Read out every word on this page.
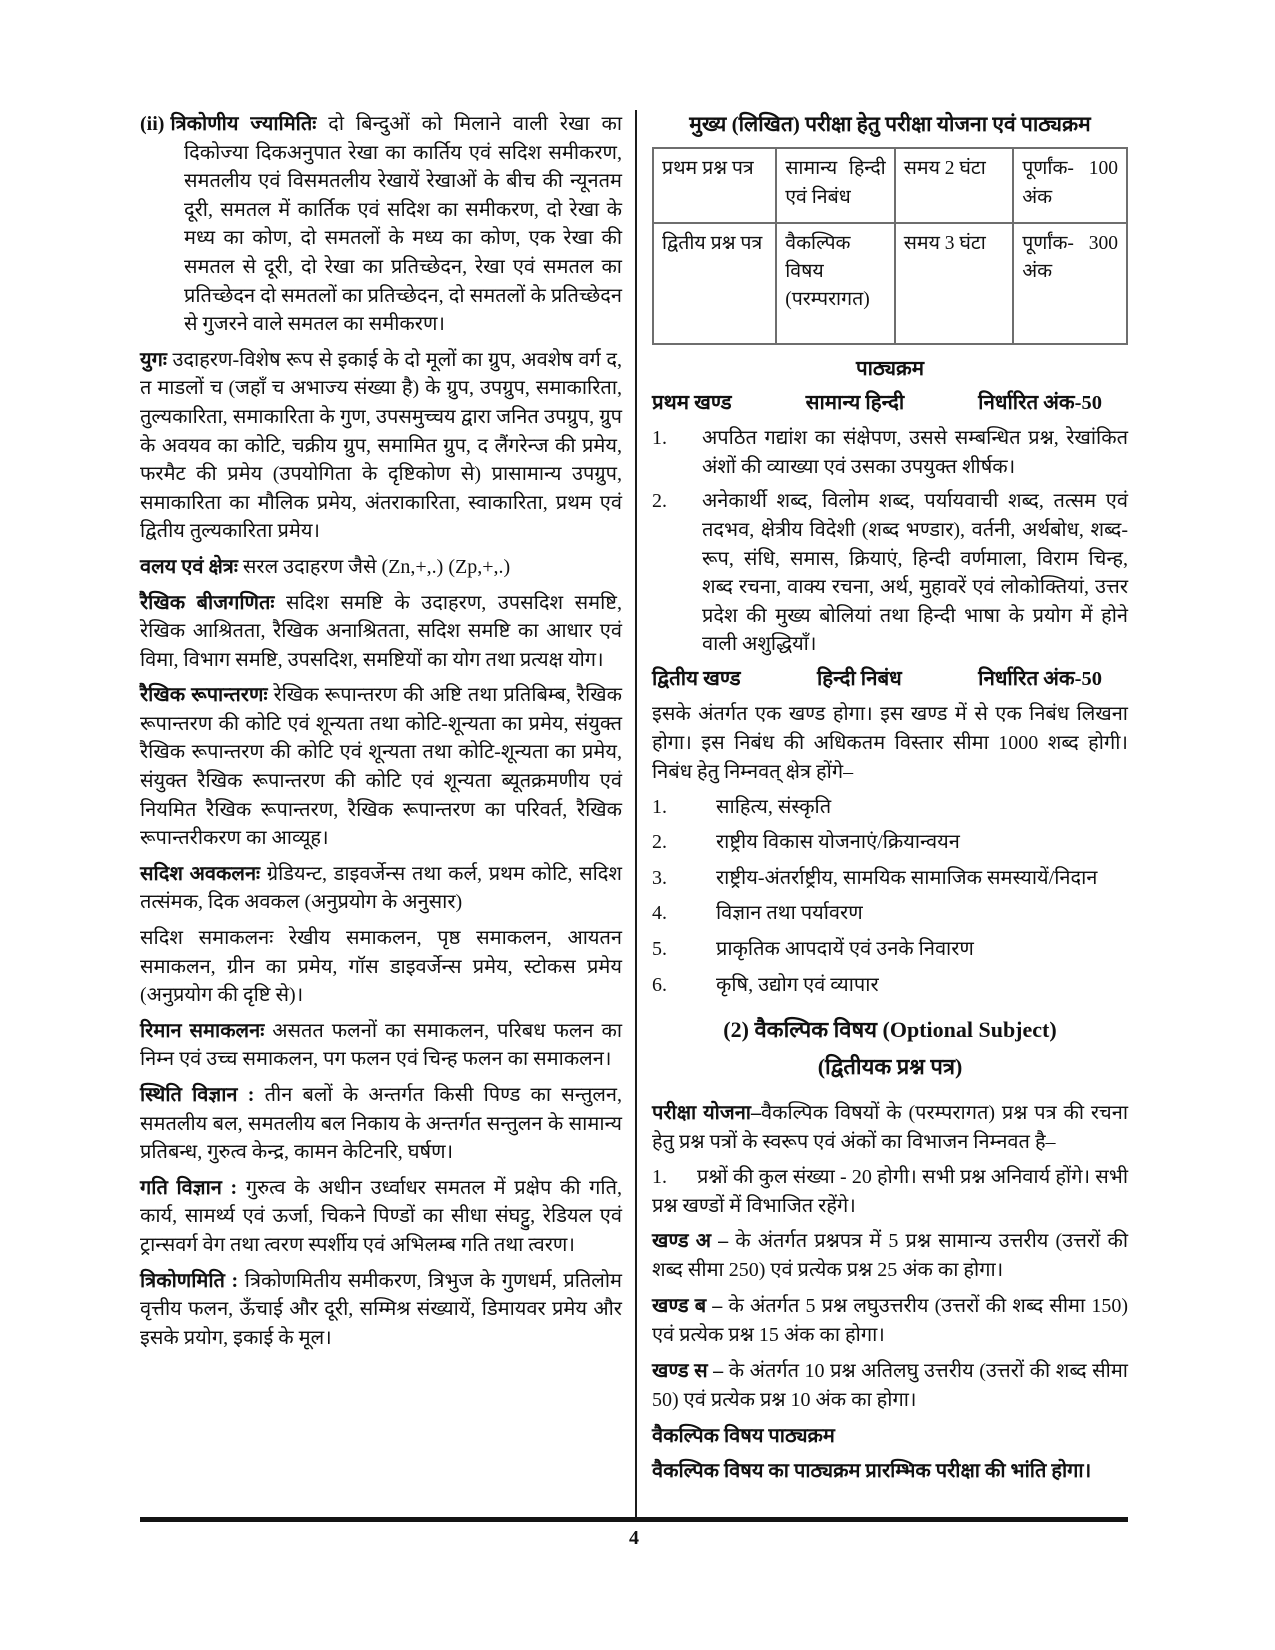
(ii) त्रिकोणीय ज्यामितिः दो बिन्दुओं को मिलाने वाली रेखा का दिकोज्या दिकअनुपात रेखा का कार्तिय एवं सदिश समीकरण, समतलीय एवं विसमतलीय रेखायें रेखाओं के बीच की न्यूनतम दूरी, समतल में कार्तिक एवं सदिश का समीकरण, दो रेखा के मध्य का कोण, दो समतलों के मध्य का कोण, एक रेखा की समतल से दूरी, दो रेखा का प्रतिच्छेदन, रेखा एवं समतल का प्रतिच्छेदन दो समतलों का प्रतिच्छेदन, दो समतलों के प्रतिच्छेदन से गुजरने वाले समतल का समीकरण।

युगः उदाहरण-विशेष रूप से इकाई के दो मूलों का ग्रुप, अवशेष वर्ग द, त माडलों च (जहाँ च अभाज्य संख्या है) के ग्रुप, उपग्रुप, समाकारिता, तुल्यकारिता, समाकारिता के गुण, उपसमुच्चय द्वारा जनित उपग्रुप, ग्रुप के अवयव का कोटि, चक्रीय ग्रुप, समामित ग्रुप, द लैंगरेन्ज की प्रमेय, फरमैट की प्रमेय (उपयोगिता के दृष्टिकोण से) प्रासामान्य उपग्रुप, समाकारिता का मौलिक प्रमेय, अंतराकारिता, स्वाकारिता, प्रथम एवं द्वितीय तुल्यकारिता प्रमेय।

वलय एवं क्षेत्रः सरल उदाहरण जैसे (Zn,+,.) (Zp,+,.)

रैखिक बीजगणितः सदिश समष्टि के उदाहरण, उपसदिश समष्टि, रेखिक आश्रितता, रैखिक अनाश्रितता, सदिश समष्टि का आधार एवं विमा, विभाग समष्टि, उपसदिश, समष्टियों का योग तथा प्रत्यक्ष योग।

रैखिक रूपान्तरणः रेखिक रूपान्तरण की अष्टि तथा प्रतिबिम्ब, रैखिक रूपान्तरण की कोटि एवं शून्यता तथा कोटि-शून्यता का प्रमेय, संयुक्त रैखिक रूपान्तरण की कोटि एवं शून्यता तथा कोटि-शून्यता का प्रमेय, संयुक्त रैखिक रूपान्तरण की कोटि एवं शून्यता ब्यूतक्रमणीय एवं नियमित रैखिक रूपान्तरण, रैखिक रूपान्तरण का परिवर्त, रैखिक रूपान्तरीकरण का आव्यूह।

सदिश अवकलनः ग्रेडियन्ट, डाइवर्जेन्स तथा कर्ल, प्रथम कोटि, सदिश तत्संमक, दिक अवकल (अनुप्रयोग के अनुसार)

सदिश समाकलनः रेखीय समाकलन, पृष्ठ समाकलन, आयतन समाकलन, ग्रीन का प्रमेय, गॉस डाइवर्जेन्स प्रमेय, स्टोकस प्रमेय (अनुप्रयोग की दृष्टि से)।

रिमान समाकलनः असतत फलनों का समाकलन, परिबध फलन का निम्न एवं उच्च समाकलन, पग फलन एवं चिन्ह फलन का समाकलन।

स्थिति विज्ञान : तीन बलों के अन्तर्गत किसी पिण्ड का सन्तुलन, समतलीय बल, समतलीय बल निकाय के अन्तर्गत सन्तुलन के सामान्य प्रतिबन्ध, गुरुत्व केन्द्र, कामन केटिनरि, घर्षण।

गति विज्ञान : गुरुत्व के अधीन उर्ध्वाधर समतल में प्रक्षेप की गति, कार्य, सामर्थ्य एवं ऊर्जा, चिकने पिण्डों का सीधा संघट्टु, रेडियल एवं ट्रान्सवर्ग वेग तथा त्वरण स्पर्शीय एवं अभिलम्ब गति तथा त्वरण।

त्रिकोणमिति : त्रिकोणमितीय समीकरण, त्रिभुज के गुणधर्म, प्रतिलोम वृत्तीय फलन, ऊँचाई और दूरी, सम्मिश्र संख्यायें, डिमायवर प्रमेय और इसके प्रयोग, इकाई के मूल।

मुख्य (लिखित) परीक्षा हेतु परीक्षा योजना एवं पाठ्यक्रम
प्रथम प्रश्न पत्र	सामान्य हिन्दी एवं निबंध	समय 2 घंटा	पूर्णांक- 100 अंक
द्वितीय प्रश्न पत्र	वैकल्पिक विषय (परम्परागत)	समय 3 घंटा	पूर्णांक- 300 अंक
पाठ्यक्रम
प्रथम खण्ड	सामान्य हिन्दी	निर्धारित अंक-50
1.	अपठित गद्यांश का संक्षेपण, उससे सम्बन्धित प्रश्न, रेखांकित अंशों की व्याख्या एवं उसका उपयुक्त शीर्षक।
2.	अनेकार्थी शब्द, विलोम शब्द, पर्यायवाची शब्द, तत्सम एवं तदभव, क्षेत्रीय विदेशी (शब्द भण्डार), वर्तनी, अर्थबोध, शब्द-रूप, संधि, समास, क्रियाएं, हिन्दी वर्णमाला, विराम चिन्ह, शब्द रचना, वाक्य रचना, अर्थ, मुहावरें एवं लोकोक्तियां, उत्तर प्रदेश की मुख्य बोलियां तथा हिन्दी भाषा के प्रयोग में होने वाली अशुद्धियाँ।
द्वितीय खण्ड	हिन्दी निबंध	निर्धारित अंक-50

इसके अंतर्गत एक खण्ड होगा। इस खण्ड में से एक निबंध लिखना होगा। इस निबंध की अधिकतम विस्तार सीमा 1000 शब्द होगी। निबंध हेतु निम्नवत् क्षेत्र होंगे–

1.	साहित्य, संस्कृति
2.	राष्ट्रीय विकास योजनाएं/क्रियान्वयन
3.	राष्ट्रीय-अंतर्राष्ट्रीय, सामयिक सामाजिक समस्यायें/निदान
4.	विज्ञान तथा पर्यावरण
5.	प्राकृतिक आपदायें एवं उनके निवारण
6.	कृषि, उद्योग एवं व्यापार
(2) वैकल्पिक विषय (Optional Subject)
(द्वितीयक प्रश्न पत्र)

परीक्षा योजना–वैकल्पिक विषयों के (परम्परागत) प्रश्न पत्र की रचना हेतु प्रश्न पत्रों के स्वरूप एवं अंकों का विभाजन निम्नवत है–

1. प्रश्नों की कुल संख्या - 20 होगी। सभी प्रश्न अनिवार्य होंगे। सभी प्रश्न खण्डों में विभाजित रहेंगे।

खण्ड अ – के अंतर्गत प्रश्नपत्र में 5 प्रश्न सामान्य उत्तरीय (उत्तरों की शब्द सीमा 250) एवं प्रत्येक प्रश्न 25 अंक का होगा।

खण्ड ब – के अंतर्गत 5 प्रश्न लघुउत्तरीय (उत्तरों की शब्द सीमा 150) एवं प्रत्येक प्रश्न 15 अंक का होगा।

खण्ड स – के अंतर्गत 10 प्रश्न अतिलघु उत्तरीय (उत्तरों की शब्द सीमा 50) एवं प्रत्येक प्रश्न 10 अंक का होगा।

वैकल्पिक विषय पाठ्यक्रम

वैकल्पिक विषय का पाठ्यक्रम प्रारम्भिक परीक्षा की भांति होगा।

4
